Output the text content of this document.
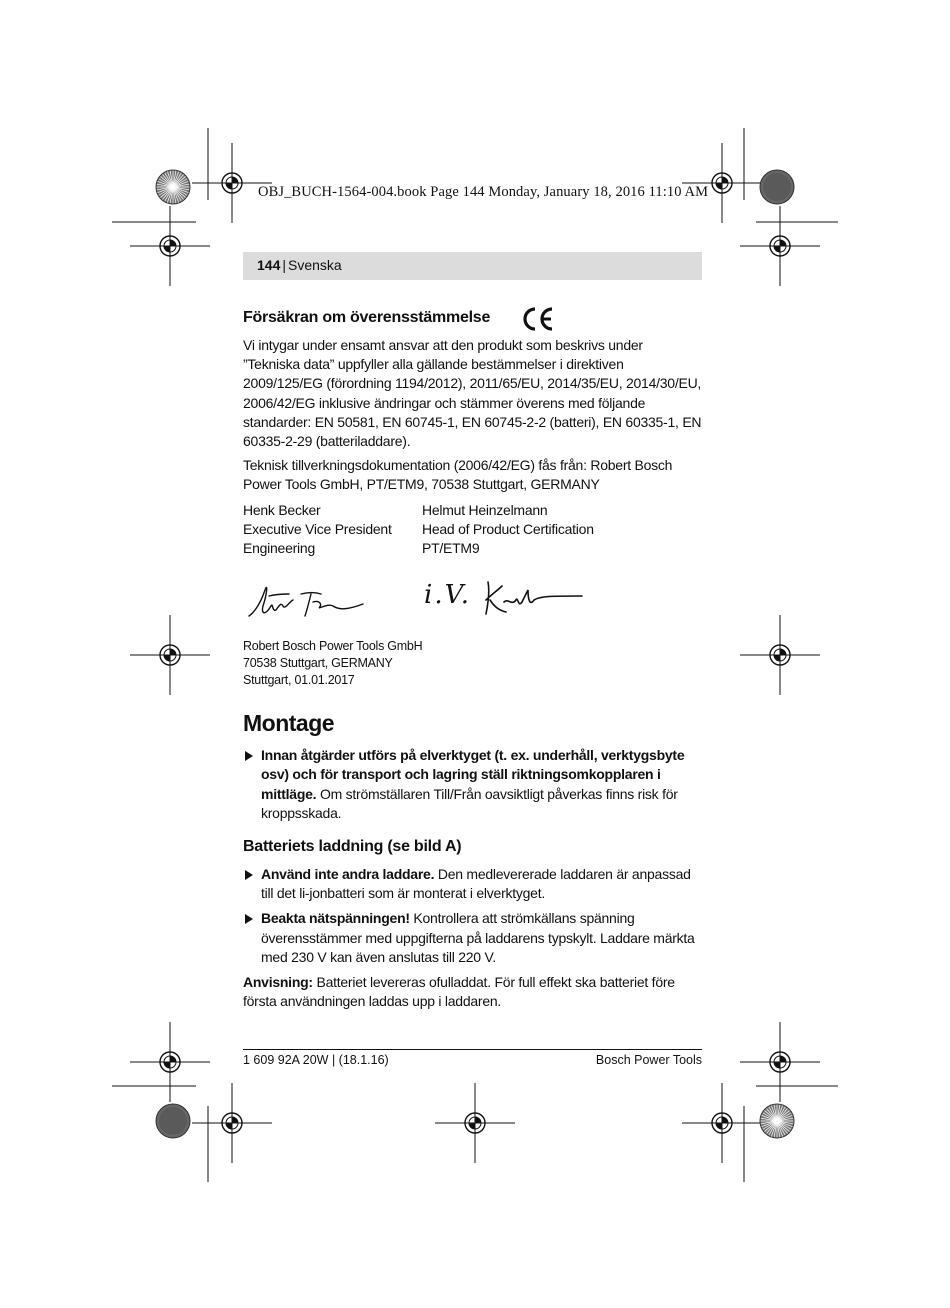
OBJ_BUCH-1564-004.book Page 144 Monday, January 18, 2016 11:10 AM
144 | Svenska
Försäkran om överensstämmelse

Vi intygar under ensamt ansvar att den produkt som beskrivs under ”Tekniska data” uppfyller alla gällande bestämmelser i direktiven 2009/125/EG (förordning 1194/2012), 2011/65/EU, 2014/35/EU, 2014/30/EU, 2006/42/EG inklusive ändringar och stämmer överens med följande standarder: EN 50581, EN 60745-1, EN 60745-2-2 (batteri), EN 60335-1, EN 60335-2-29 (batteriladdare).

Teknisk tillverkningsdokumentation (2006/42/EG) fås från: Robert Bosch Power Tools GmbH, PT/ETM9, 70538 Stuttgart, GERMANY

Henk Becker
Executive Vice President
Engineering
Helmut Heinzelmann
Head of Product Certification
PT/ETM9
i.V.
Robert Bosch Power Tools GmbH
70538 Stuttgart, GERMANY
Stuttgart, 01.01.2017
Montage
Innan åtgärder utförs på elverktyget (t. ex. underhåll, verktygsbyte osv) och för transport och lagring ställ riktningsomkopplaren i mittläge. Om strömställaren Till/Från oavsiktligt påverkas finns risk för kroppsskada.
Batteriets laddning (se bild A)
Använd inte andra laddare. Den medlevererade laddaren är anpassad till det li-jonbatteri som är monterat i elverktyget.
Beakta nätspänningen! Kontrollera att strömkällans spänning överensstämmer med uppgifterna på laddarens typskylt. Laddare märkta med 230 V kan även anslutas till 220 V.

Anvisning: Batteriet levereras ofulladdat. För full effekt ska batteriet före första användningen laddas upp i laddaren.

1 609 92A 20W | (18.1.16)	Bosch Power Tools
